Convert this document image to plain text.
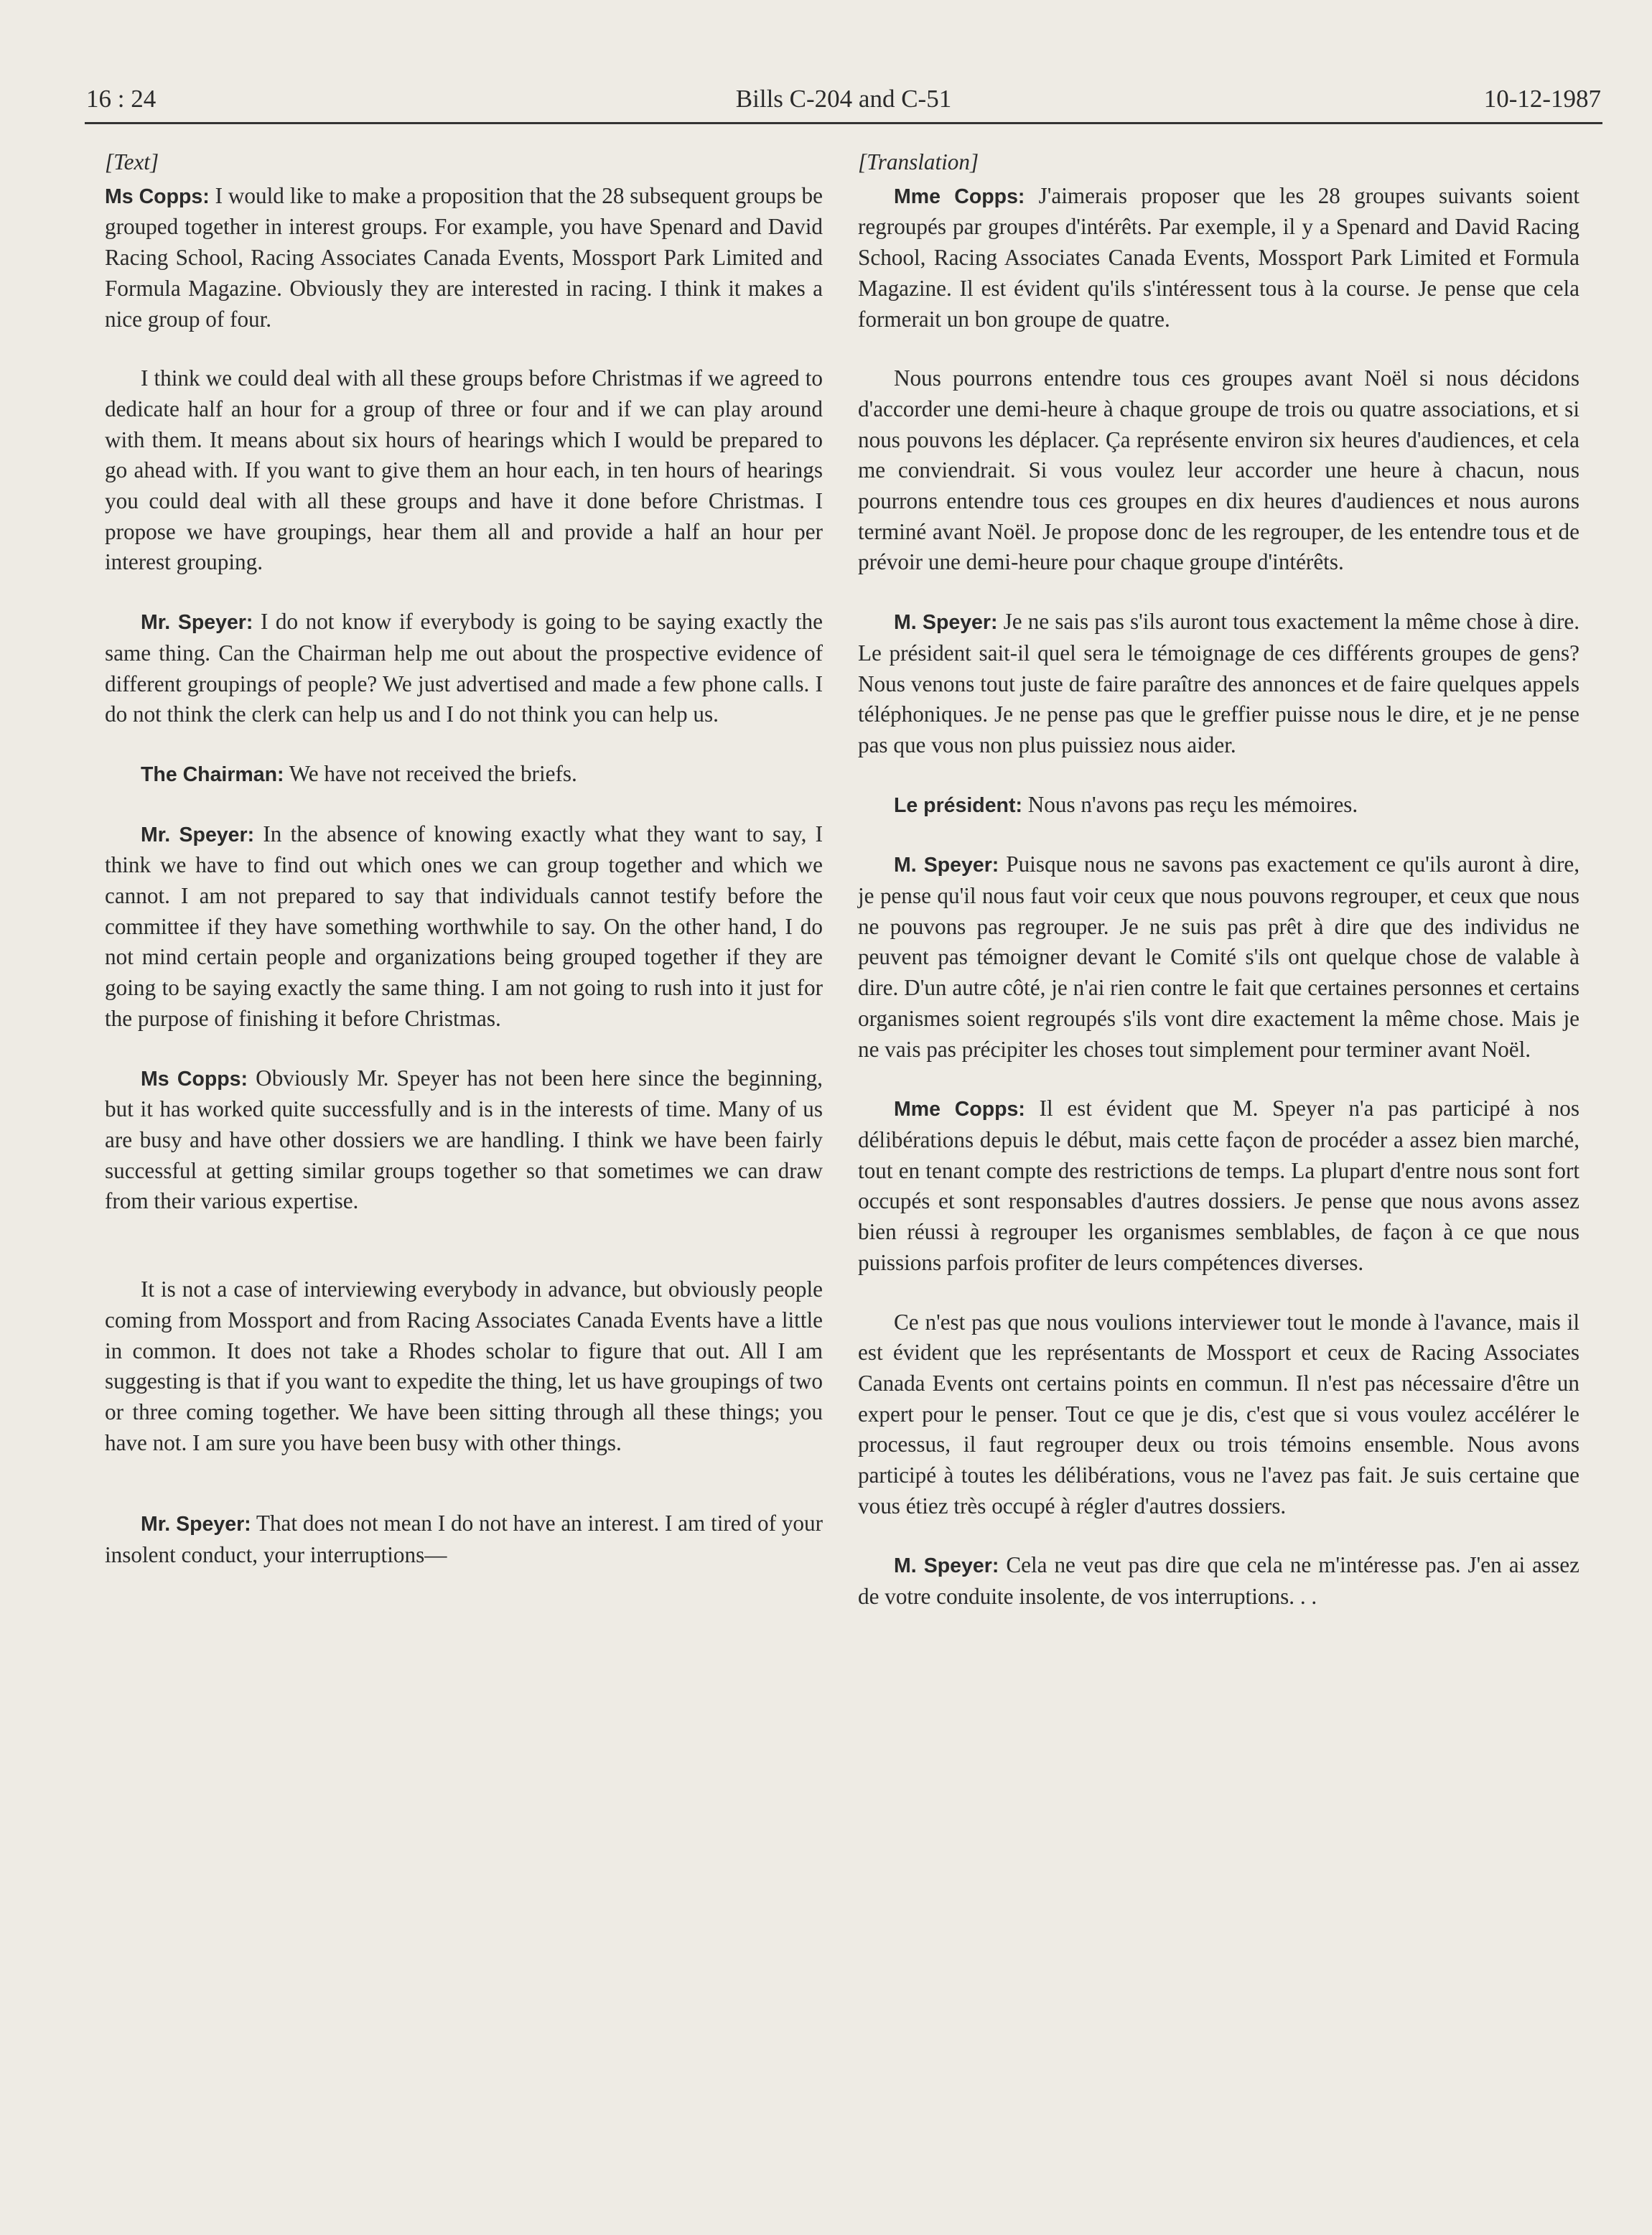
16 : 24	Bills C-204 and C-51	10-12-1987

[Text]

Ms Copps: I would like to make a proposition that the 28 subsequent groups be grouped together in interest groups. For example, you have Spenard and David Racing School, Racing Associates Canada Events, Mossport Park Limited and Formula Magazine. Obviously they are interested in racing. I think it makes a nice group of four.

I think we could deal with all these groups before Christmas if we agreed to dedicate half an hour for a group of three or four and if we can play around with them. It means about six hours of hearings which I would be prepared to go ahead with. If you want to give them an hour each, in ten hours of hearings you could deal with all these groups and have it done before Christmas. I propose we have groupings, hear them all and provide a half an hour per interest grouping.

Mr. Speyer: I do not know if everybody is going to be saying exactly the same thing. Can the Chairman help me out about the prospective evidence of different groupings of people? We just advertised and made a few phone calls. I do not think the clerk can help us and I do not think you can help us.

The Chairman: We have not received the briefs.

Mr. Speyer: In the absence of knowing exactly what they want to say, I think we have to find out which ones we can group together and which we cannot. I am not prepared to say that individuals cannot testify before the committee if they have something worthwhile to say. On the other hand, I do not mind certain people and organizations being grouped together if they are going to be saying exactly the same thing. I am not going to rush into it just for the purpose of finishing it before Christmas.

Ms Copps: Obviously Mr. Speyer has not been here since the beginning, but it has worked quite successfully and is in the interests of time. Many of us are busy and have other dossiers we are handling. I think we have been fairly successful at getting similar groups together so that sometimes we can draw from their various expertise.

It is not a case of interviewing everybody in advance, but obviously people coming from Mossport and from Racing Associates Canada Events have a little in common. It does not take a Rhodes scholar to figure that out. All I am suggesting is that if you want to expedite the thing, let us have groupings of two or three coming together. We have been sitting through all these things; you have not. I am sure you have been busy with other things.

Mr. Speyer: That does not mean I do not have an interest. I am tired of your insolent conduct, your interruptions—

[Translation]

Mme Copps: J'aimerais proposer que les 28 groupes suivants soient regroupés par groupes d'intérêts. Par exemple, il y a Spenard and David Racing School, Racing Associates Canada Events, Mossport Park Limited et Formula Magazine. Il est évident qu'ils s'intéressent tous à la course. Je pense que cela formerait un bon groupe de quatre.

Nous pourrons entendre tous ces groupes avant Noël si nous décidons d'accorder une demi-heure à chaque groupe de trois ou quatre associations, et si nous pouvons les déplacer. Ça représente environ six heures d'audiences, et cela me conviendrait. Si vous voulez leur accorder une heure à chacun, nous pourrons entendre tous ces groupes en dix heures d'audiences et nous aurons terminé avant Noël. Je propose donc de les regrouper, de les entendre tous et de prévoir une demi-heure pour chaque groupe d'intérêts.

M. Speyer: Je ne sais pas s'ils auront tous exactement la même chose à dire. Le président sait-il quel sera le témoignage de ces différents groupes de gens? Nous venons tout juste de faire paraître des annonces et de faire quelques appels téléphoniques. Je ne pense pas que le greffier puisse nous le dire, et je ne pense pas que vous non plus puissiez nous aider.

Le président: Nous n'avons pas reçu les mémoires.

M. Speyer: Puisque nous ne savons pas exactement ce qu'ils auront à dire, je pense qu'il nous faut voir ceux que nous pouvons regrouper, et ceux que nous ne pouvons pas regrouper. Je ne suis pas prêt à dire que des individus ne peuvent pas témoigner devant le Comité s'ils ont quelque chose de valable à dire. D'un autre côté, je n'ai rien contre le fait que certaines personnes et certains organismes soient regroupés s'ils vont dire exactement la même chose. Mais je ne vais pas précipiter les choses tout simplement pour terminer avant Noël.

Mme Copps: Il est évident que M. Speyer n'a pas participé à nos délibérations depuis le début, mais cette façon de procéder a assez bien marché, tout en tenant compte des restrictions de temps. La plupart d'entre nous sont fort occupés et sont responsables d'autres dossiers. Je pense que nous avons assez bien réussi à regrouper les organismes semblables, de façon à ce que nous puissions parfois profiter de leurs compétences diverses.

Ce n'est pas que nous voulions interviewer tout le monde à l'avance, mais il est évident que les représentants de Mossport et ceux de Racing Associates Canada Events ont certains points en commun. Il n'est pas nécessaire d'être un expert pour le penser. Tout ce que je dis, c'est que si vous voulez accélérer le processus, il faut regrouper deux ou trois témoins ensemble. Nous avons participé à toutes les délibérations, vous ne l'avez pas fait. Je suis certaine que vous étiez très occupé à régler d'autres dossiers.

M. Speyer: Cela ne veut pas dire que cela ne m'intéresse pas. J'en ai assez de votre conduite insolente, de vos interruptions. . .
